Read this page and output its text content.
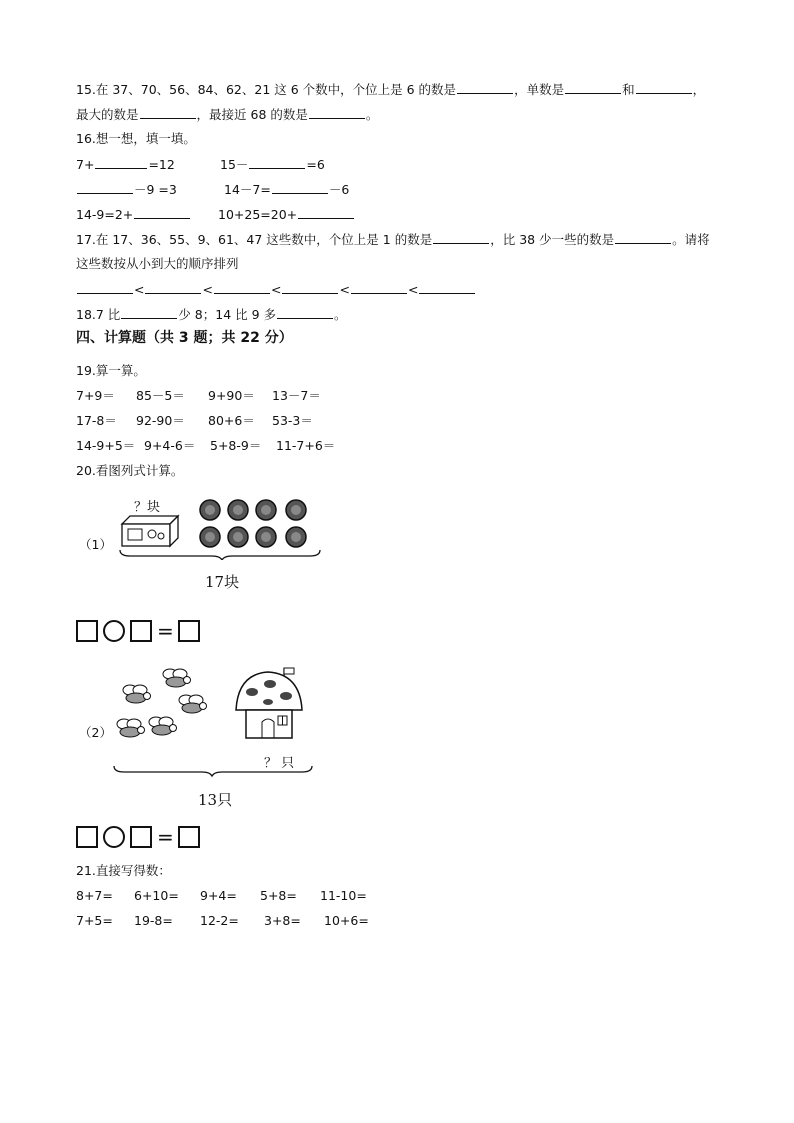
15.在 37、70、56、84、62、21 这 6 个数中，个位上是 6 的数是	，单数是	和	，
最大的数是	，最接近 68 的数是	。
16.想一想，填一填。
7+	=12	15－	=6
－9 =3	14－7=	－6
14-9=2+	10+25=20+
17.在 17、36、55、9、61、47 这些数中，个位上是 1 的数是	，比 38 少一些的数是	。请将
这些数按从小到大的顺序排列
<	<	<	<	<
18.7 比	少 8；14 比 9 多	。
四、计算题（共 3 题；共 22 分）
19.算一算。
7+9＝ 85－5＝ 9+90＝ 13－7＝
17-8＝ 92-90＝ 80+6＝ 53-3＝
14-9+5＝ 9+4-6＝ 5+8-9＝ 11-7+6＝
20.看图列式计算。
（1）
？块
17块
=
（2）
？ 只
13只
=
21.直接写得数：
8+7= 6+10= 9+4= 5+8= 11-10=
7+5= 19-8= 12-2= 3+8= 10+6=
